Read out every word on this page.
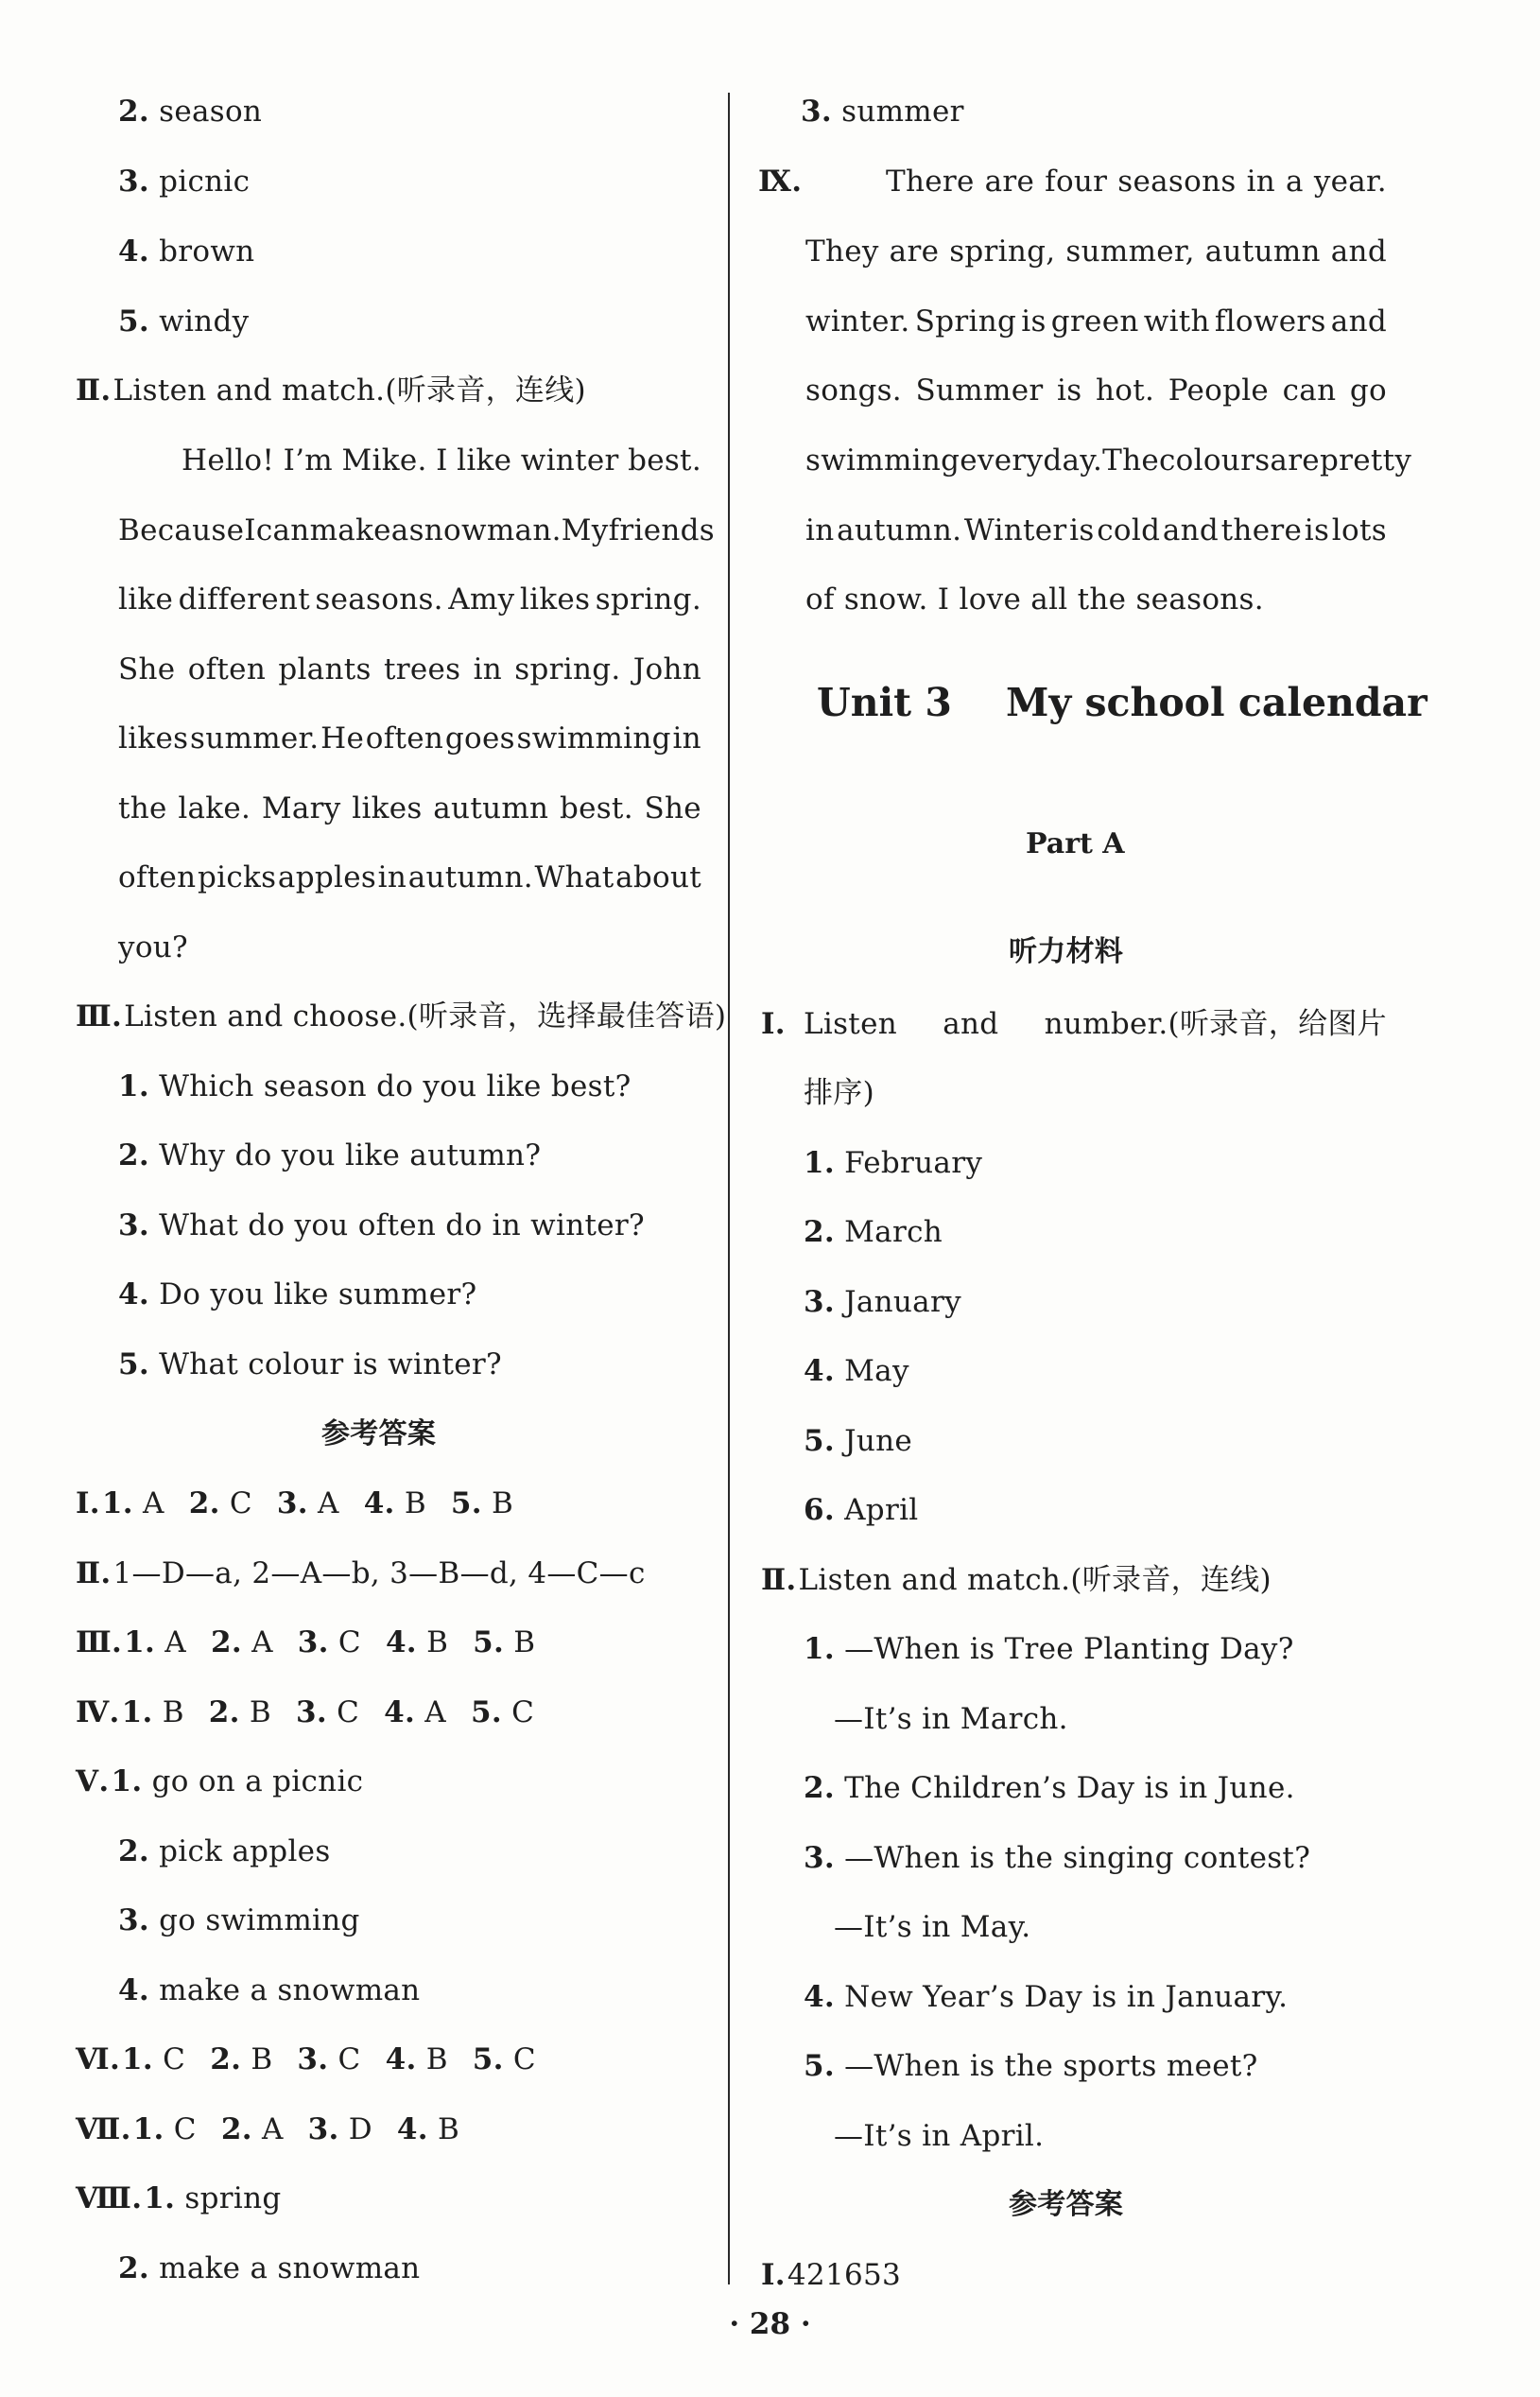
2. season
3. picnic
4. brown
5. windy
Ⅱ.Listen and match.(听录音，连线)
Hello! I’m Mike. I like winter best.
Because I can make a snowman. My friends
like different seasons. Amy likes spring.
She often plants trees in spring. John
likes summer. He often goes swimming in
the lake. Mary likes autumn best. She
often picks apples in autumn. What about
you?
Ⅲ.Listen and choose.(听录音，选择最佳答语)
1. Which season do you like best?
2. Why do you like autumn?
3. What do you often do in winter?
4. Do you like summer?
5. What colour is winter?
参考答案
Ⅰ.1. A 2. C 3. A 4. B 5. B
Ⅱ.1—D—a, 2—A—b, 3—B—d, 4—C—c
Ⅲ.1. A 2. A 3. C 4. B 5. B
Ⅳ.1. B 2. B 3. C 4. A 5. C
Ⅴ.1. go on a picnic
2. pick apples
3. go swimming
4. make a snowman
Ⅵ.1. C 2. B 3. C 4. B 5. C
Ⅶ.1. C 2. A 3. D 4. B
Ⅷ.1. spring
2. make a snowman
3. summer
Ⅸ.	There are four seasons in a year.
They are spring, summer, autumn and
winter. Spring is green with flowers and
songs. Summer is hot. People can go
swimming every day. The colours are pretty
in autumn. Winter is cold and there is lots
of snow. I love all the seasons.
Unit 3    My school calendar
Part A
听力材料
Ⅰ. Listen and number.(听录音，给图片
排序)
1. February
2. March
3. January
4. May
5. June
6. April
Ⅱ.Listen and match.(听录音，连线)
1. —When is Tree Planting Day?
—It’s in March.
2. The Children’s Day is in June.
3. —When is the singing contest?
—It’s in May.
4. New Year’s Day is in January.
5. —When is the sports meet?
—It’s in April.
参考答案
Ⅰ.421653
· 28 ·
